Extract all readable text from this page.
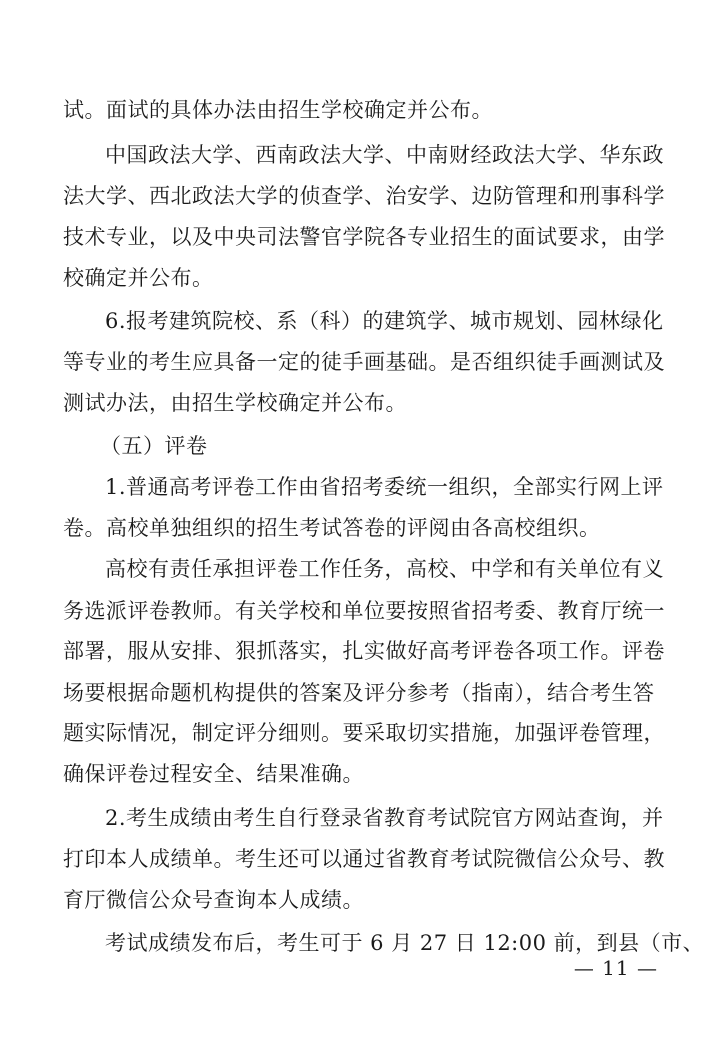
试。面试的具体办法由招生学校确定并公布。
中国政法大学、西南政法大学、中南财经政法大学、华东政
法大学、西北政法大学的侦查学、治安学、边防管理和刑事科学
技术专业，以及中央司法警官学院各专业招生的面试要求，由学
校确定并公布。
6.报考建筑院校、系（科）的建筑学、城市规划、园林绿化
等专业的考生应具备一定的徒手画基础。是否组织徒手画测试及
测试办法，由招生学校确定并公布。
（五）评卷
1.普通高考评卷工作由省招考委统一组织，全部实行网上评
卷。高校单独组织的招生考试答卷的评阅由各高校组织。
高校有责任承担评卷工作任务，高校、中学和有关单位有义
务选派评卷教师。有关学校和单位要按照省招考委、教育厅统一
部署，服从安排、狠抓落实，扎实做好高考评卷各项工作。评卷
场要根据命题机构提供的答案及评分参考（指南），结合考生答
题实际情况，制定评分细则。要采取切实措施，加强评卷管理，
确保评卷过程安全、结果准确。
2.考生成绩由考生自行登录省教育考试院官方网站查询，并
打印本人成绩单。考生还可以通过省教育考试院微信公众号、教
育厅微信公众号查询本人成绩。
考试成绩发布后，考生可于 6 月 27 日 12:00 前，到县（市、
— 11 —
